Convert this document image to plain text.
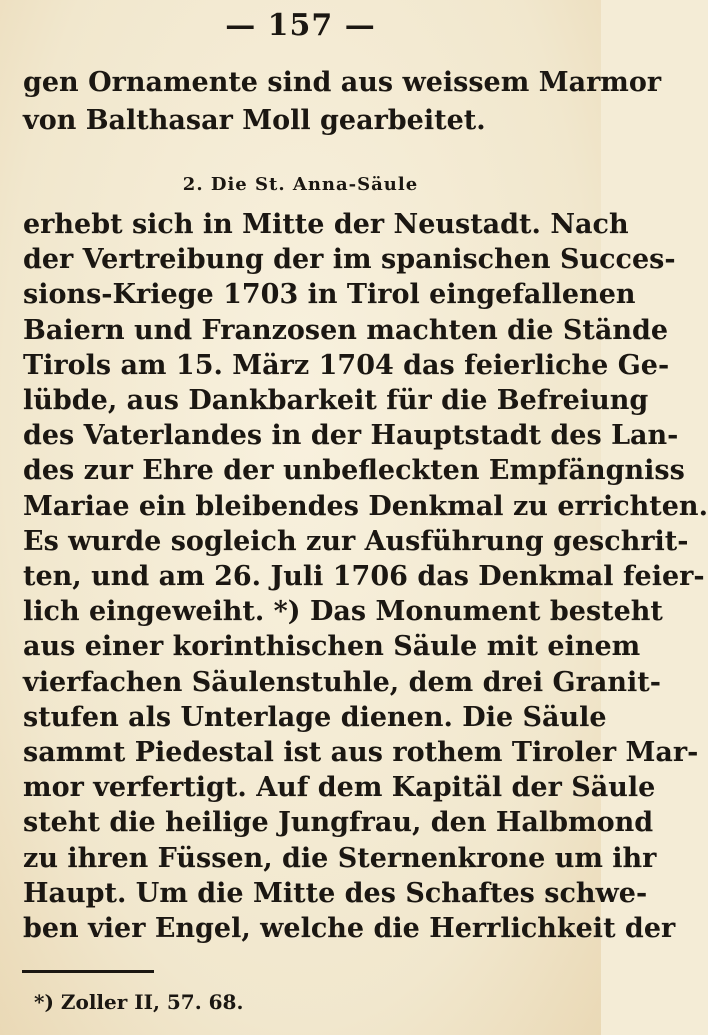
— 157 —
gen Ornamente sind aus weissem Marmor
von Balthasar Moll gearbeitet.
2. Die St. Anna-Säule
erhebt sich in Mitte der Neustadt. Nach
der Vertreibung der im spanischen Succes-
sions-Kriege 1703 in Tirol eingefallenen
Baiern und Franzosen machten die Stände
Tirols am 15. März 1704 das feierliche Ge-
lübde, aus Dankbarkeit für die Befreiung
des Vaterlandes in der Hauptstadt des Lan-
des zur Ehre der unbefleckten Empfängniss
Mariae ein bleibendes Denkmal zu errichten.
Es wurde sogleich zur Ausführung geschrit-
ten, und am 26. Juli 1706 das Denkmal feier-
lich eingeweiht. *) Das Monument besteht
aus einer korinthischen Säule mit einem
vierfachen Säulenstuhle, dem drei Granit-
stufen als Unterlage dienen. Die Säule
sammt Piedestal ist aus rothem Tiroler Mar-
mor verfertigt. Auf dem Kapitäl der Säule
steht die heilige Jungfrau, den Halbmond
zu ihren Füssen, die Sternenkrone um ihr
Haupt. Um die Mitte des Schaftes schwe-
ben vier Engel, welche die Herrlichkeit der
*) Zoller II, 57. 68.
